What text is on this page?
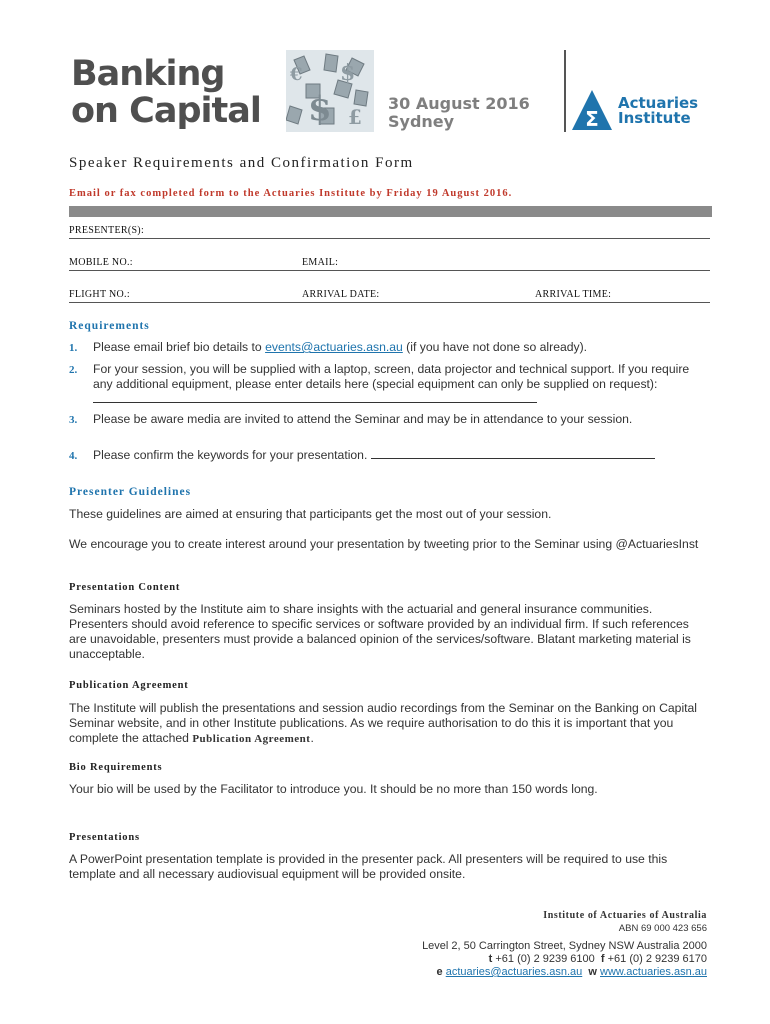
Banking
on Capital $
$
€
£
30 August 2016
Sydney	Σ
Actuaries
Institute
Speaker Requirements and Confirmation Form
Email or fax completed form to the Actuaries Institute by Friday 19 August 2016.
PRESENTER(S):
MOBILE NO.:	EMAIL:
FLIGHT NO.:	ARRIVAL DATE:	ARRIVAL TIME:
Requirements
1. Please email brief bio details to events@actuaries.asn.au (if you have not done so already).
2. For your session, you will be supplied with a laptop, screen, data projector and technical support. If you require any additional equipment, please enter details here (special equipment can only be supplied on request):
3. Please be aware media are invited to attend the Seminar and may be in attendance to your session.
4. Please confirm the keywords for your presentation.
Presenter Guidelines
These guidelines are aimed at ensuring that participants get the most out of your session.
We encourage you to create interest around your presentation by tweeting prior to the Seminar using @ActuariesInst
Presentation Content
Seminars hosted by the Institute aim to share insights with the actuarial and general insurance communities. Presenters should avoid reference to specific services or software provided by an individual firm. If such references are unavoidable, presenters must provide a balanced opinion of the services/software. Blatant marketing material is unacceptable.
Publication Agreement
The Institute will publish the presentations and session audio recordings from the Seminar on the Banking on Capital Seminar website, and in other Institute publications. As we require authorisation to do this it is important that you complete the attached Publication Agreement.
Bio Requirements
Your bio will be used by the Facilitator to introduce you. It should be no more than 150 words long.
Presentations
A PowerPoint presentation template is provided in the presenter pack. All presenters will be required to use this template and all necessary audiovisual equipment will be provided onsite.
Institute of Actuaries of Australia
ABN 69 000 423 656
Level 2, 50 Carrington Street, Sydney NSW Australia 2000
t +61 (0) 2 9239 6100 f +61 (0) 2 9239 6170
e actuaries@actuaries.asn.au w www.actuaries.asn.au
